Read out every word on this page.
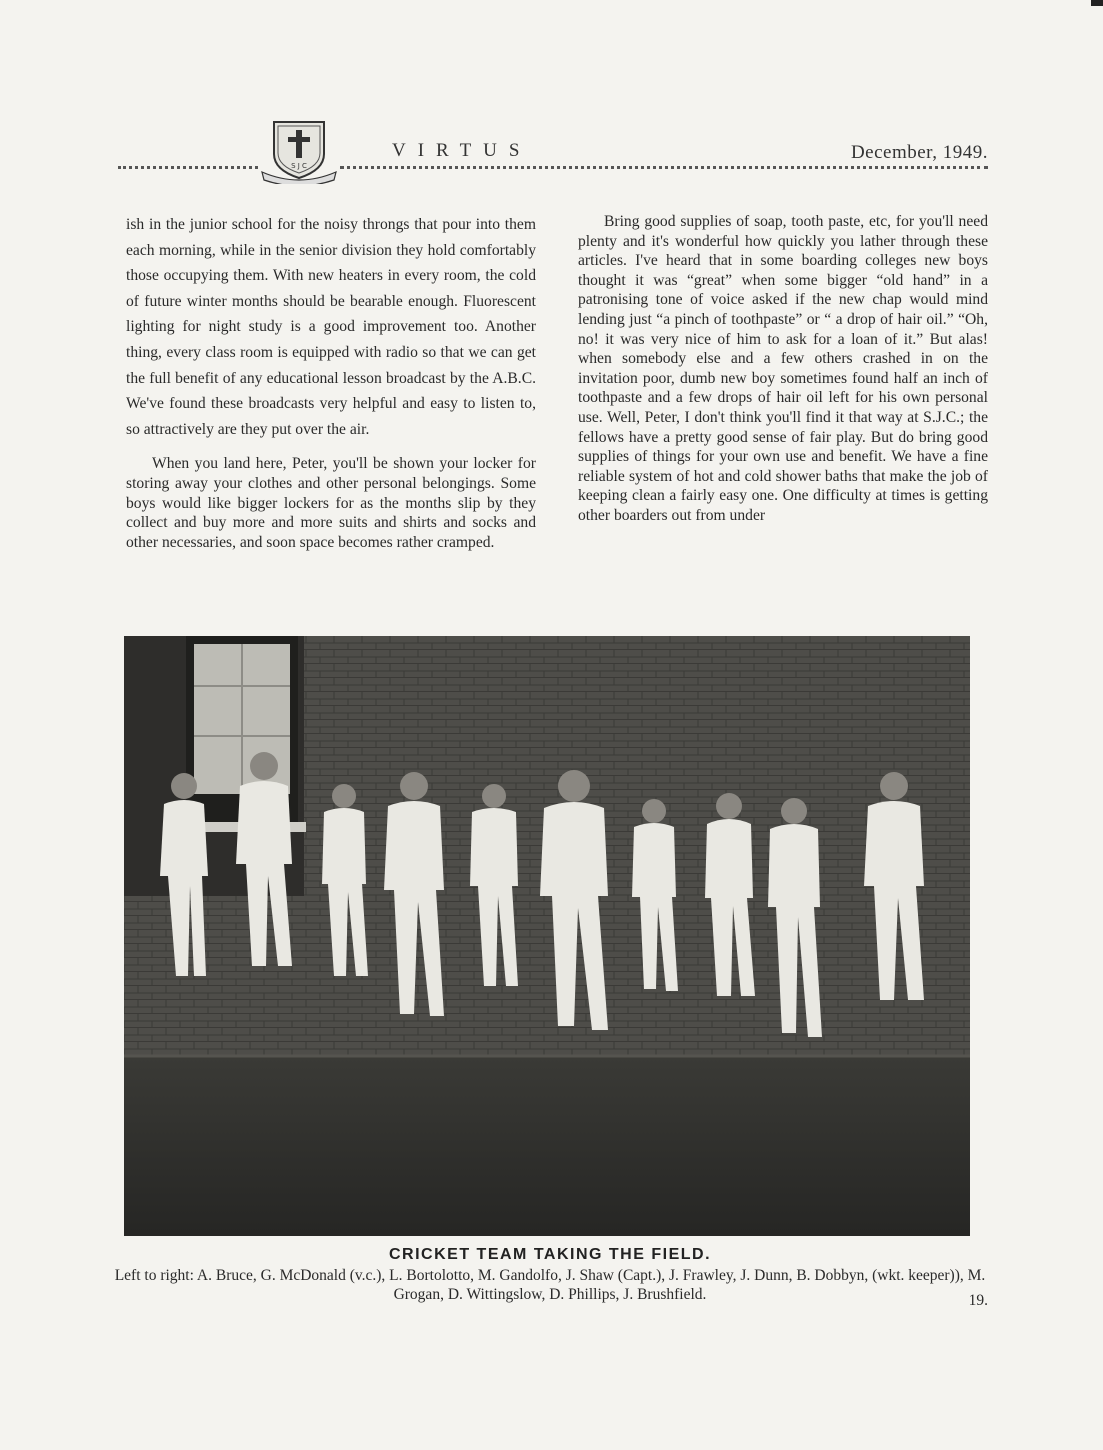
S J C
VIRTUS	December, 1949.

ish in the junior school for the noisy throngs that pour into them each morning, while in the senior division they hold comfortably those occupying them. With new heaters in every room, the cold of future winter months should be bearable enough. Fluorescent lighting for night study is a good improvement too. Another thing, every class room is equipped with radio so that we can get the full benefit of any educational lesson broadcast by the A.B.C. We've found these broadcasts very helpful and easy to listen to, so attractively are they put over the air.

When you land here, Peter, you'll be shown your locker for storing away your clothes and other personal belongings. Some boys would like bigger lockers for as the months slip by they collect and buy more and more suits and shirts and socks and other necessaries, and soon space becomes rather cramped.

Bring good supplies of soap, tooth paste, etc, for you'll need plenty and it's wonderful how quickly you lather through these articles. I've heard that in some boarding colleges new boys thought it was “great” when some bigger “old hand” in a patronising tone of voice asked if the new chap would mind lending just “a pinch of toothpaste” or “ a drop of hair oil.” “Oh, no! it was very nice of him to ask for a loan of it.” But alas! when somebody else and a few others crashed in on the invitation poor, dumb new boy sometimes found half an inch of toothpaste and a few drops of hair oil left for his own personal use. Well, Peter, I don't think you'll find it that way at S.J.C.; the fellows have a pretty good sense of fair play. But do bring good supplies of things for your own use and benefit. We have a fine reliable system of hot and cold shower baths that make the job of keeping clean a fairly easy one. One difficulty at times is getting other boarders out from under

CRICKET TEAM TAKING THE FIELD.
Left to right: A. Bruce, G. McDonald (v.c.), L. Bortolotto, M. Gandolfo, J. Shaw (Capt.), J. Frawley, J. Dunn, B. Dobbyn, (wkt. keeper)), M. Grogan, D. Wittingslow, D. Phillips, J. Brushfield.	19.
